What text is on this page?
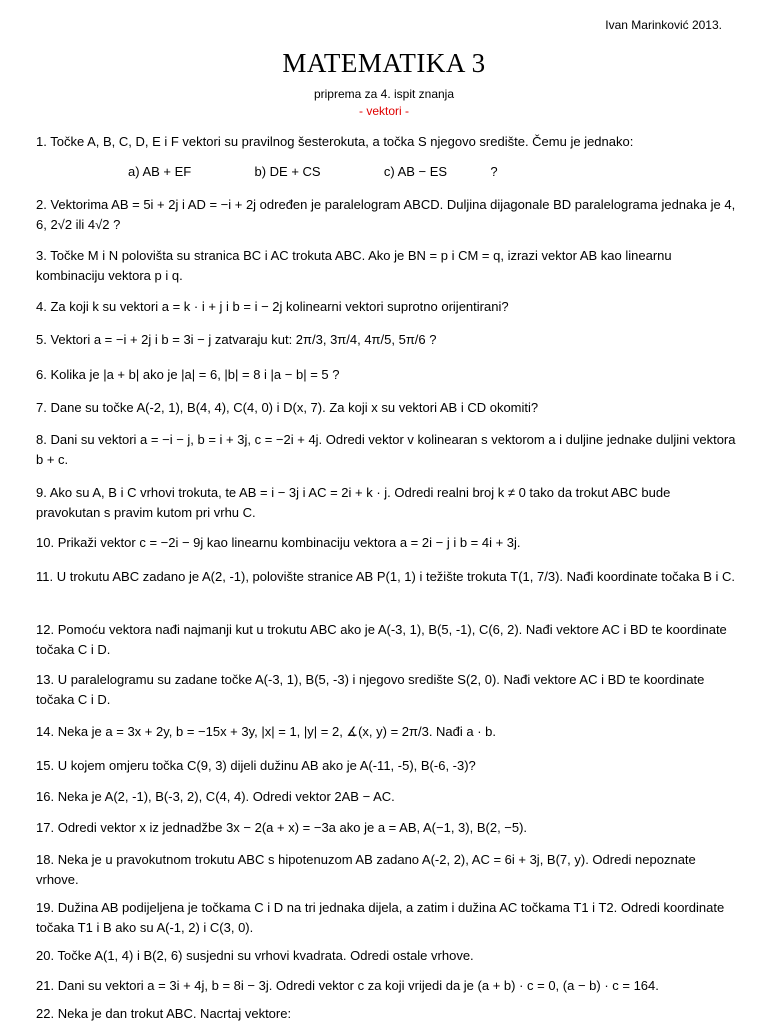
Ivan Marinković 2013.
MATEMATIKA 3
priprema za 4. ispit znanja
- vektori -
1. Točke A, B, C, D, E i F vektori su pravilnog šesterokuta, a točka S njegovo središte. Čemu je jednako:
a) AB + EF	b) DE + CS	c) AB − ES	?
2. Vektorima AB = 5i + 2j i AD = −i + 2j određen je paralelogram ABCD. Duljina dijagonale BD paralelograma jednaka je 4, 6, 2√2 ili 4√2 ?
3. Točke M i N polovišta su stranica BC i AC trokuta ABC. Ako je BN = p i CM = q, izrazi vektor AB kao linearnu kombinaciju vektora p i q.
4. Za koji k su vektori a = k · i + j i b = i − 2j kolinearni vektori suprotno orijentirani?
5. Vektori a = −i + 2j i b = 3i − j zatvaraju kut: 2π/3, 3π/4, 4π/5, 5π/6 ?
6. Kolika je |a + b| ako je |a| = 6, |b| = 8 i |a − b| = 5 ?
7. Dane su točke A(-2, 1), B(4, 4), C(4, 0) i D(x, 7). Za koji x su vektori AB i CD okomiti?
8. Dani su vektori a = −i − j, b = i + 3j, c = −2i + 4j. Odredi vektor v kolinearan s vektorom a i duljine jednake duljini vektora b + c.
9. Ako su A, B i C vrhovi trokuta, te AB = i − 3j i AC = 2i + k · j. Odredi realni broj k ≠ 0 tako da trokut ABC bude pravokutan s pravim kutom pri vrhu C.
10. Prikaži vektor c = −2i − 9j kao linearnu kombinaciju vektora a = 2i − j i b = 4i + 3j.
11. U trokutu ABC zadano je A(2, -1), polovište stranice AB P(1, 1) i težište trokuta T(1, 7/3). Nađi koordinate točaka B i C.
12. Pomoću vektora nađi najmanji kut u trokutu ABC ako je A(-3, 1), B(5, -1), C(6, 2). Nađi vektore AC i BD te koordinate točaka C i D.
13. U paralelogramu su zadane točke A(-3, 1), B(5, -3) i njegovo središte S(2, 0). Nađi vektore AC i BD te koordinate točaka C i D.
14. Neka je a = 3x + 2y, b = −15x + 3y, |x| = 1, |y| = 2, ∡(x, y) = 2π/3. Nađi a · b.
15. U kojem omjeru točka C(9, 3) dijeli dužinu AB ako je A(-11, -5), B(-6, -3)?
16. Neka je A(2, -1), B(-3, 2), C(4, 4). Odredi vektor 2AB − AC.
17. Odredi vektor x iz jednadžbe 3x − 2(a + x) = −3a ako je a = AB, A(−1, 3), B(2, −5).
18. Neka je u pravokutnom trokutu ABC s hipotenuzom AB zadano A(-2, 2), AC = 6i + 3j, B(7, y). Odredi nepoznate vrhove.
19. Dužina AB podijeljena je točkama C i D na tri jednaka dijela, a zatim i dužina AC točkama T1 i T2. Odredi koordinate točaka T1 i B ako su A(-1, 2) i C(3, 0).
20. Točke A(1, 4) i B(2, 6) susjedni su vrhovi kvadrata. Odredi ostale vrhove.
21. Dani su vektori a = 3i + 4j, b = 8i − 3j. Odredi vektor c za koji vrijedi da je (a + b) · c = 0, (a − b) · c = 164.
22. Neka je dan trokut ABC. Nacrtaj vektore:
